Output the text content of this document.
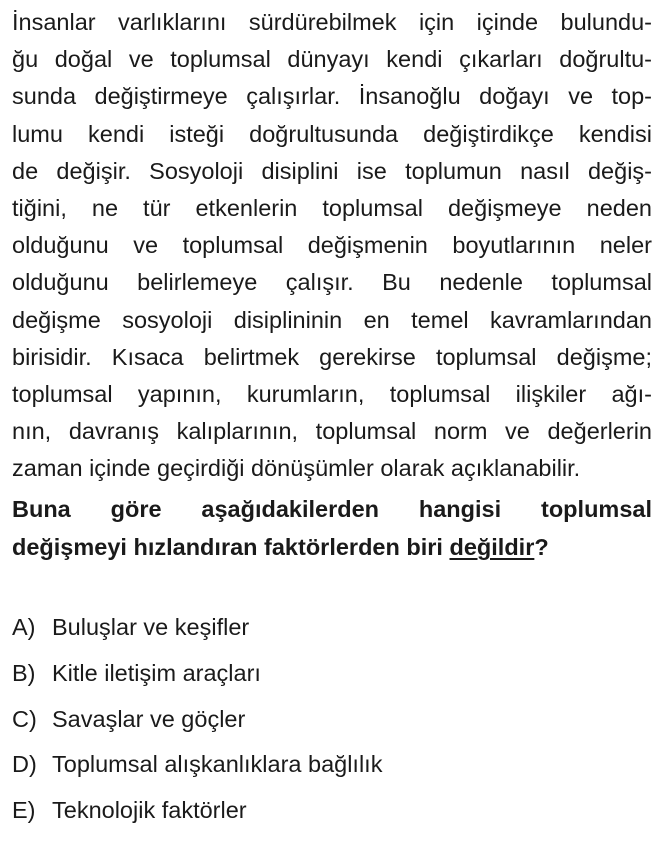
İnsanlar varlıklarını sürdürebilmek için içinde bulundu-
ğu doğal ve toplumsal dünyayı kendi çıkarları doğrultu-
sunda değiştirmeye çalışırlar. İnsanoğlu doğayı ve top-
lumu kendi isteği doğrultusunda değiştirdikçe kendisi
de değişir. Sosyoloji disiplini ise toplumun nasıl değiş-
tiğini, ne tür etkenlerin toplumsal değişmeye neden
olduğunu ve toplumsal değişmenin boyutlarının neler
olduğunu belirlemeye çalışır. Bu nedenle toplumsal
değişme sosyoloji disiplininin en temel kavramlarından
birisidir. Kısaca belirtmek gerekirse toplumsal değişme;
toplumsal yapının, kurumların, toplumsal ilişkiler ağı-
nın, davranış kalıplarının, toplumsal norm ve değerlerin
zaman içinde geçirdiği dönüşümler olarak açıklanabilir.
Buna göre aşağıdakilerden hangisi toplumsal
değişmeyi hızlandıran faktörlerden biri değildir?
A) Buluşlar ve keşifler
B) Kitle iletişim araçları
C) Savaşlar ve göçler
D) Toplumsal alışkanlıklara bağlılık
E) Teknolojik faktörler
